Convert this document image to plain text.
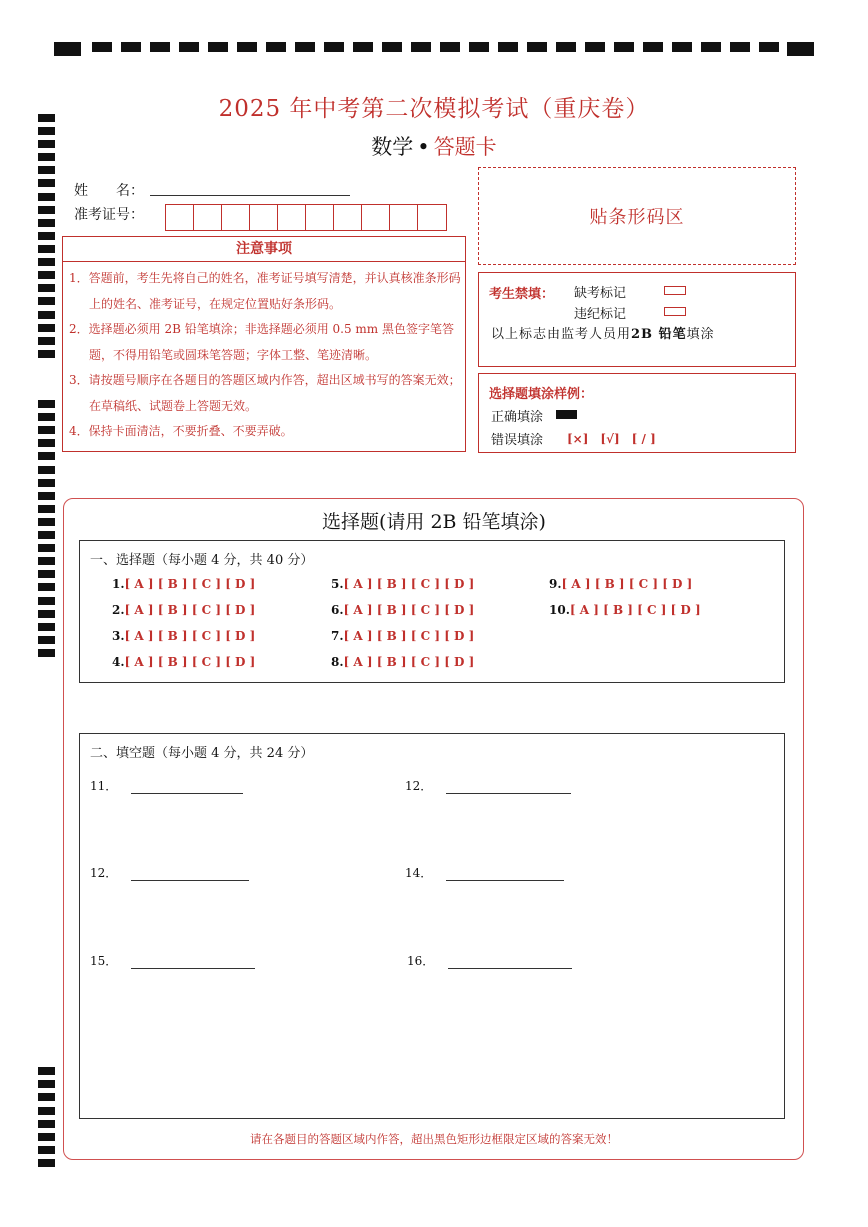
2025 年中考第二次模拟考试（重庆卷）
数学 • 答题卡
姓　　名：
准考证号：	贴条形码区
注意事项

1．答题前，考生先将自己的姓名，准考证号填写清楚，并认真核准条形码上的姓名、准考证号，在规定位置贴好条形码。

2．选择题必须用 2B 铅笔填涂；非选择题必须用 0.5 mm 黑色签字笔答题，不得用铅笔或圆珠笔答题；字体工整、笔迹清晰。

3．请按题号顺序在各题目的答题区域内作答，超出区域书写的答案无效；在草稿纸、试题卷上答题无效。

4．保持卡面清洁，不要折叠、不要弄破。

考生禁填： 缺考标记
违纪标记
以上标志由监考人员用2B 铅笔填涂
选择题填涂样例：
正确填涂
错误填涂 [×]　[√]　[ / ]
选择题(请用 2B 铅笔填涂)
一、选择题（每小题 4 分，共 40 分）
1.[ A ] [ B ] [ C ] [ D ]
2.[ A ] [ B ] [ C ] [ D ]
3.[ A ] [ B ] [ C ] [ D ]
4.[ A ] [ B ] [ C ] [ D ]
5.[ A ] [ B ] [ C ] [ D ]
6.[ A ] [ B ] [ C ] [ D ]
7.[ A ] [ B ] [ C ] [ D ]
8.[ A ] [ B ] [ C ] [ D ]
9.[ A ] [ B ] [ C ] [ D ]
10.[ A ] [ B ] [ C ] [ D ]
二、填空题（每小题 4 分，共 24 分）
11．	12．
12．	14．
15．	16．
请在各题目的答题区域内作答，超出黑色矩形边框限定区域的答案无效！
